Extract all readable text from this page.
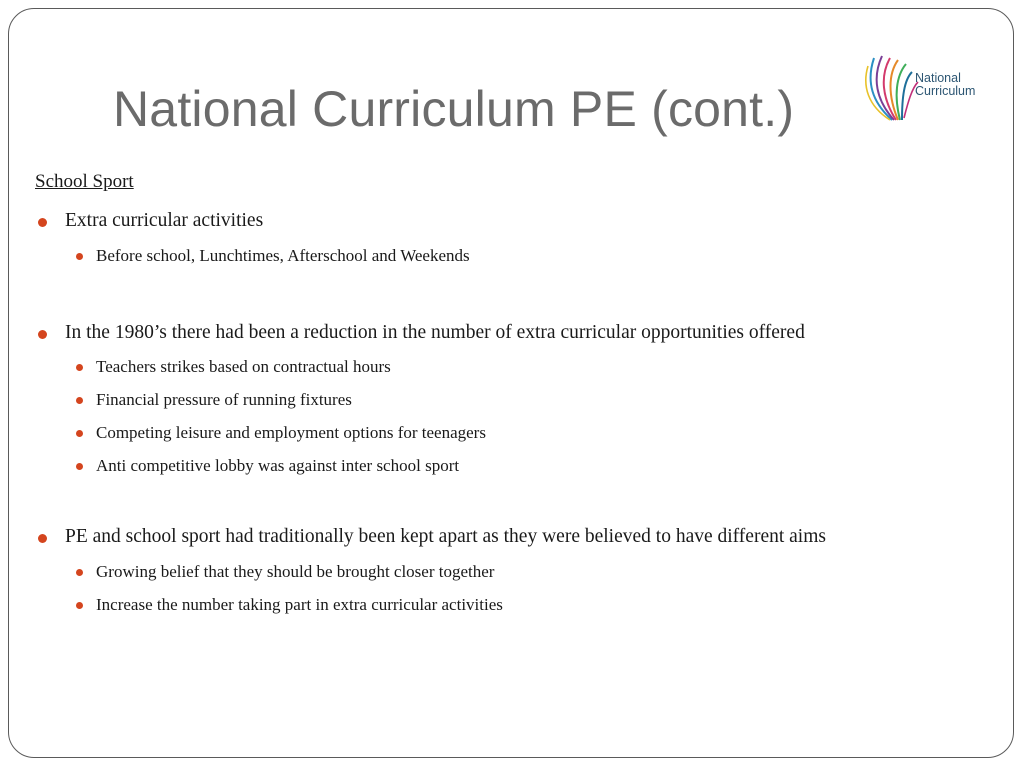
National Curriculum PE (cont.)
National
Curriculum
School Sport
Extra curricular activities
Before school, Lunchtimes, Afterschool and Weekends
In the 1980’s there had been a reduction in the number of extra curricular opportunities offered
Teachers strikes based on contractual hours
Financial pressure of running fixtures
Competing leisure and employment options for teenagers
Anti competitive lobby was against inter school sport
PE and school sport had traditionally been kept apart as they were believed to have different aims
Growing belief that they should be brought closer together
Increase the number taking part in extra curricular activities
